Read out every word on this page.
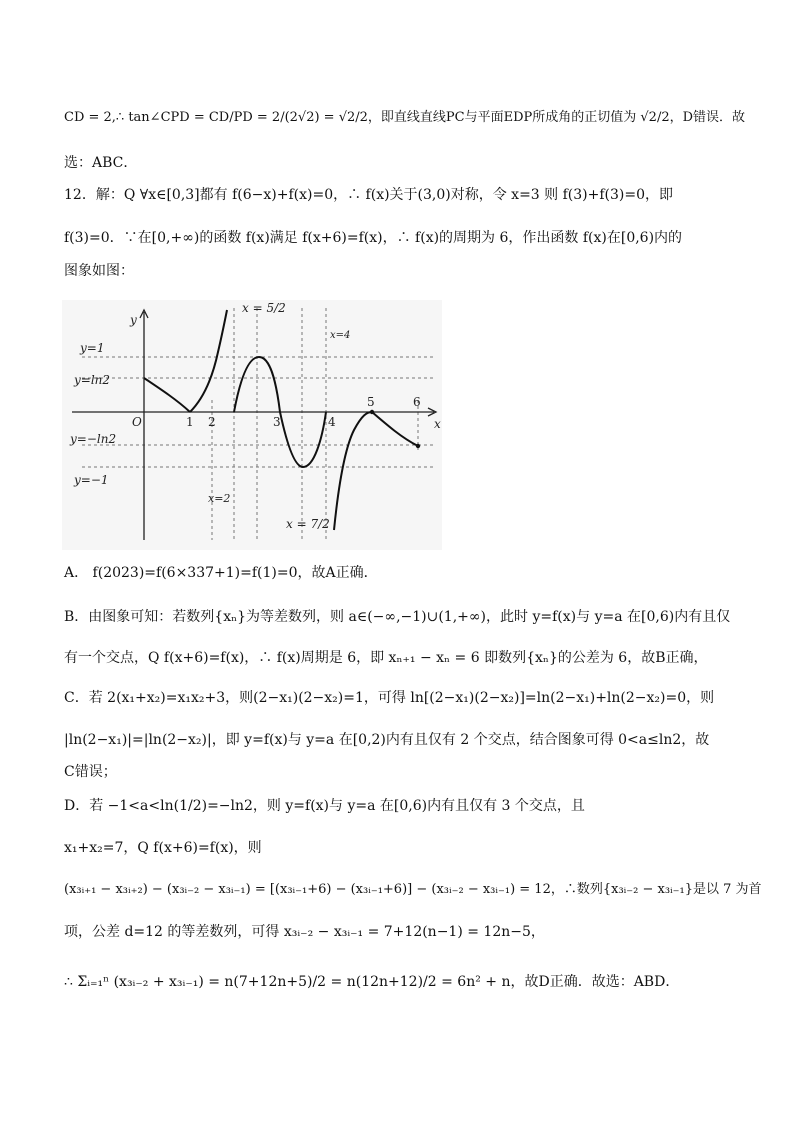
CD = 2,∴ tan∠CPD = CD/PD = 2/(2√2) = √2/2，即直线直线PC与平面EDP所成角的正切值为 √2/2，D错误．故
选：ABC．
12．解：Q ∀x∈[0,3]都有 f(6−x)+f(x)=0，∴ f(x)关于(3,0)对称，令 x=3 则 f(3)+f(3)=0，即
f(3)=0．∵在[0,+∞)的函数 f(x)满足 f(x+6)=f(x)，∴ f(x)的周期为 6，作出函数 f(x)在[0,6)内的
图象如图：
y
x
O
y=1
y=ln2
y=−ln2
y=−1
x = 5/2
x=4
x=2
x = 7/2
1 2	3	4
5	6
A． f(2023)=f(6×337+1)=f(1)=0，故A正确．
B．由图象可知：若数列{xₙ}为等差数列，则 a∈(−∞,−1)∪(1,+∞)，此时 y=f(x)与 y=a 在[0,6)内有且仅
有一个交点，Q f(x+6)=f(x)，∴ f(x)周期是 6，即 xₙ₊₁ − xₙ = 6 即数列{xₙ}的公差为 6，故B正确，
C．若 2(x₁+x₂)=x₁x₂+3，则(2−x₁)(2−x₂)=1，可得 ln[(2−x₁)(2−x₂)]=ln(2−x₁)+ln(2−x₂)=0，则
|ln(2−x₁)|=|ln(2−x₂)|，即 y=f(x)与 y=a 在[0,2)内有且仅有 2 个交点，结合图象可得 0<a≤ln2，故
C错误；
D．若 −1<a<ln(1/2)=−ln2，则 y=f(x)与 y=a 在[0,6)内有且仅有 3 个交点，且
x₁+x₂=7，Q f(x+6)=f(x)，则
(x₃ᵢ₊₁ − x₃ᵢ₊₂) − (x₃ᵢ₋₂ − x₃ᵢ₋₁) = [(x₃ᵢ₋₁+6) − (x₃ᵢ₋₁+6)] − (x₃ᵢ₋₂ − x₃ᵢ₋₁) = 12，∴数列{x₃ᵢ₋₂ − x₃ᵢ₋₁}是以 7 为首
项，公差 d=12 的等差数列，可得 x₃ᵢ₋₂ − x₃ᵢ₋₁ = 7+12(n−1) = 12n−5，
∴ Σᵢ₌₁ⁿ (x₃ᵢ₋₂ + x₃ᵢ₋₁) = n(7+12n+5)/2 = n(12n+12)/2 = 6n² + n，故D正确．故选：ABD．
